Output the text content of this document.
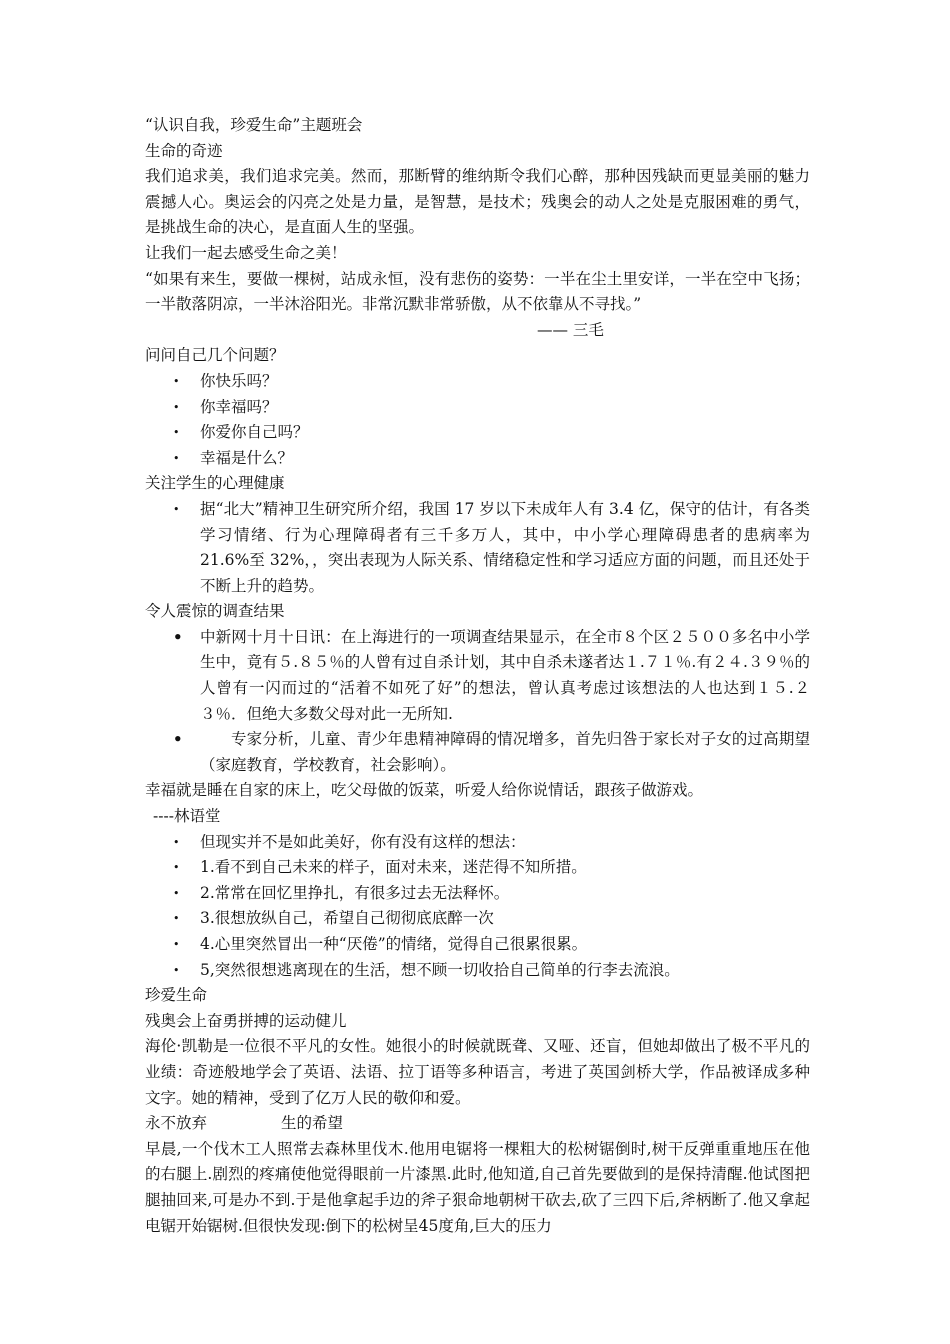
“认识自我，珍爱生命”主题班会
生命的奇迹
我们追求美，我们追求完美。然而，那断臂的维纳斯令我们心醉，那种因残缺而更显美丽的魅力震撼人心。奥运会的闪亮之处是力量，是智慧，是技术；残奥会的动人之处是克服困难的勇气，是挑战生命的决心，是直面人生的坚强。
让我们一起去感受生命之美！
“如果有来生，要做一棵树，站成永恒，没有悲伤的姿势：一半在尘土里安详，一半在空中飞扬；一半散落阴凉，一半沐浴阳光。非常沉默非常骄傲，从不依靠从不寻找。”
—— 三毛
问问自己几个问题？
• 你快乐吗？
• 你幸福吗？
• 你爱你自己吗？
• 幸福是什么？
关注学生的心理健康
• 据“北大”精神卫生研究所介绍，我国 17 岁以下未成年人有 3.4 亿，保守的估计，有各类学习情绪、行为心理障碍者有三千多万人，其中，中小学心理障碍患者的患病率为 21.6%至 32%，，突出表现为人际关系、情绪稳定性和学习适应方面的问题，而且还处于不断上升的趋势。
令人震惊的调查结果
• 中新网十月十日讯：在上海进行的一项调查结果显示，在全市８个区２５００多名中小学生中，竟有５.８５％的人曾有过自杀计划，其中自杀未遂者达１.７１％.有２４.３９％的人曾有一闪而过的“活着不如死了好”的想法，曾认真考虑过该想法的人也达到１５.２３％．但绝大多数父母对此一无所知.
•	专家分析，儿童、青少年患精神障碍的情况增多，首先归咎于家长对子女的过高期望（家庭教育，学校教育，社会影响）。
幸福就是睡在自家的床上，吃父母做的饭菜，听爱人给你说情话，跟孩子做游戏。
----林语堂
• 但现实并不是如此美好，你有没有这样的想法：
• 1.看不到自己未来的样子，面对未来，迷茫得不知所措。
• 2.常常在回忆里挣扎，有很多过去无法释怀。
• 3.很想放纵自己，希望自己彻彻底底醉一次
• 4.心里突然冒出一种“厌倦”的情绪，觉得自己很累很累。
• 5,突然很想逃离现在的生活，想不顾一切收拾自己简单的行李去流浪。
珍爱生命
残奥会上奋勇拼搏的运动健儿
海伦·凯勒是一位很不平凡的女性。她很小的时候就既聋、又哑、还盲，但她却做出了极不平凡的业绩：奇迹般地学会了英语、法语、拉丁语等多种语言，考进了英国剑桥大学，作品被译成多种文字。她的精神，受到了亿万人民的敬仰和爱。
永不放弃	生的希望
早晨,一个伐木工人照常去森林里伐木.他用电锯将一棵粗大的松树锯倒时,树干反弹重重地压在他的右腿上.剧烈的疼痛使他觉得眼前一片漆黑.此时,他知道,自己首先要做到的是保持清醒.他试图把腿抽回来,可是办不到.于是他拿起手边的斧子狠命地朝树干砍去,砍了三四下后,斧柄断了.他又拿起电锯开始锯树.但很快发现:倒下的松树呈45度角,巨大的压力
